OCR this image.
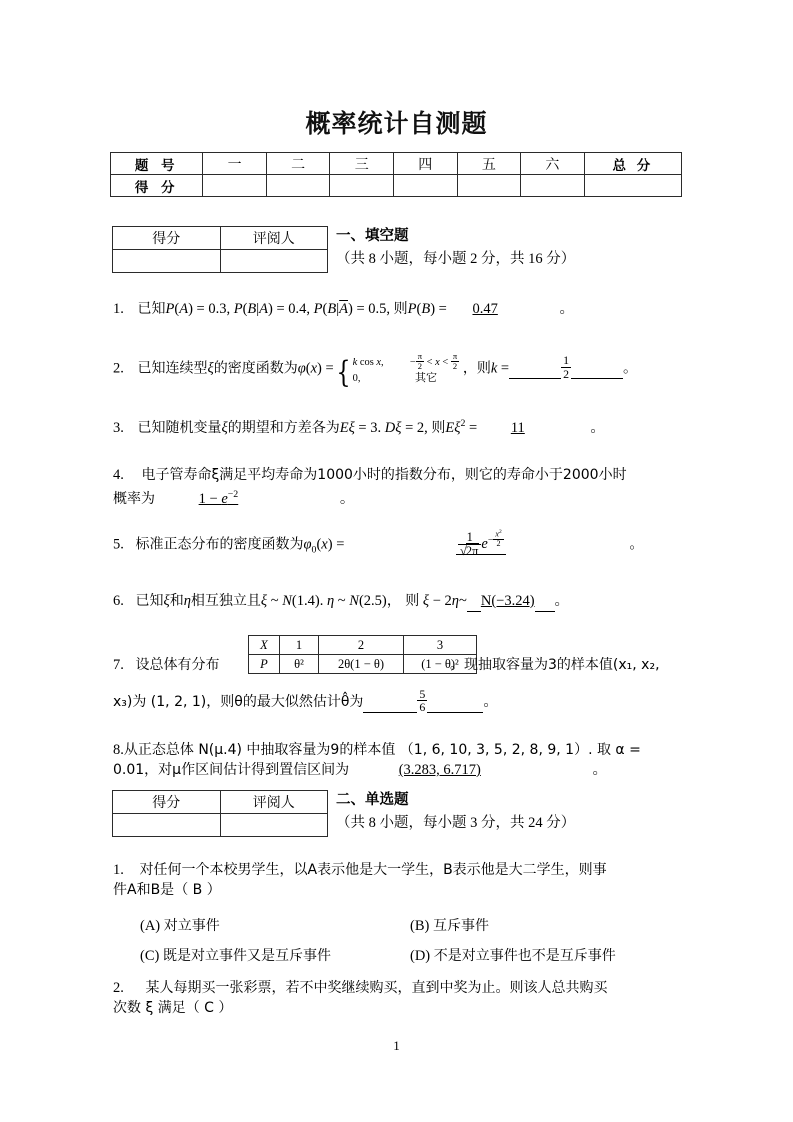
概率统计自测题
题 号	一	二	三	四	五	六	总 分
得 分							
得分	评阅人
		一、填空题
（共 8 小题，每小题 2 分，共 16 分）
1. 已知P(A) = 0.3, P(B|A) = 0.4, $P(B|\overline{A}) = 0.5$, 则P(B) = 0.47	。
2. 已知连续型ξ的密度函数为φ(x) ={ k cos x,  − $\frac{\pi}{2} < x < \frac{\pi}{2}$
0,	其它
，则k =	$\frac{1}{2}$	。
3. 已知随机变量ξ的期望和方差各为Eξ = 3. Dξ = 2, 则$E\xi^2 = 11$	。
4. 电子管寿命ξ满足平均寿命为1000小时的指数分布，则它的寿命小于2000小时
概率为	$1 - e^{-2}$	。
5. 标准正态分布的密度函数为$\varphi_0(x)$ =	$\frac{1}{√2\pi} e^{- \frac{x^2}{2}}$	。
6. 已知ξ和η相互独立且ξ ~ N(1.4). η ~ N(2.5)， 则 ξ − 2η~ N(−3.24) 。
X	1	2	3
P	θ²	2θ(1 − θ)	(1 − θ)²
7. 设总体有分布	。现抽取容量为3的样本值(x₁, x₂,
x₃)为 (1, 2, 1)，则θ的最大似然估计θ̂为	$\frac{5}{6}$	。
8.从正态总体 N(μ.4) 中抽取容量为9的样本值 （1, 6, 10, 3, 5, 2, 8, 9, 1）. 取 α =
0.01，对μ作区间估计得到置信区间为	(3.283, 6.717)	。
得分	评阅人
		二、单选题
（共 8 小题，每小题 3 分，共 24 分）
1. 对任何一个本校男学生，以A表示他是大一学生，B表示他是大二学生，则事
件A和B是（ B ）
(A) 对立事件	(B) 互斥事件
(C) 既是对立事件又是互斥事件	(D) 不是对立事件也不是互斥事件
2. 某人每期买一张彩票，若不中奖继续购买，直到中奖为止。则该人总共购买
次数 ξ 满足（ C ）
1
